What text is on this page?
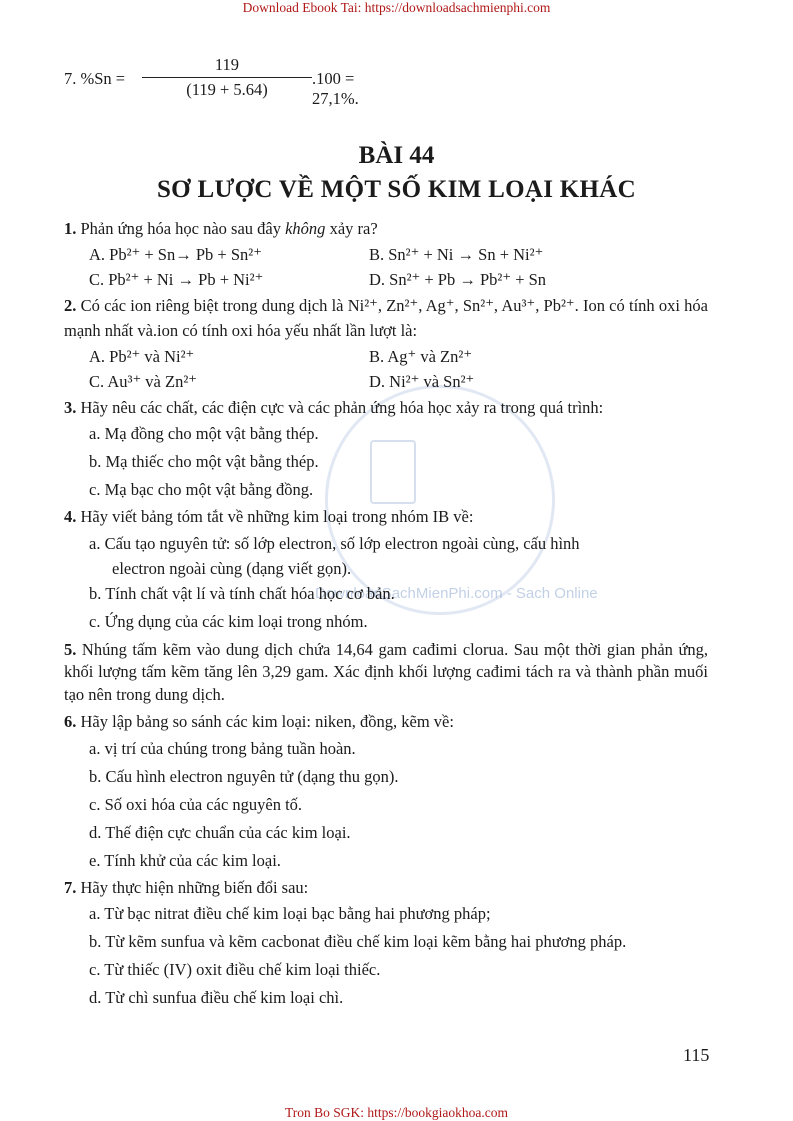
Download Ebook Tai: https://downloadsachmienphi.com
DownloadSachMienPhi.com - Sach Online
7. %Sn =
119
(119 + 5.64)
.100 = 27,1%.
BÀI 44
SƠ LƯỢC VỀ MỘT SỐ KIM LOẠI KHÁC
1. Phản ứng hóa học nào sau đây không xảy ra?
A. Pb²⁺ + Sn→ Pb + Sn²⁺	B. Sn²⁺ + Ni → Sn + Ni²⁺
C. Pb²⁺ + Ni → Pb + Ni²⁺	D. Sn²⁺ + Pb → Pb²⁺ + Sn
2. Có các ion riêng biệt trong dung dịch là Ni²⁺, Zn²⁺, Ag⁺, Sn²⁺, Au³⁺, Pb²⁺. Ion có tính oxi hóa mạnh nhất và.ion có tính oxi hóa yếu nhất lần lượt là:
A. Pb²⁺ và Ni²⁺	B. Ag⁺ và Zn²⁺
C. Au³⁺ và Zn²⁺	D. Ni²⁺ và Sn²⁺
3. Hãy nêu các chất, các điện cực và các phản ứng hóa học xảy ra trong quá trình:
a. Mạ đồng cho một vật bằng thép.
b. Mạ thiếc cho một vật bằng thép.
c. Mạ bạc cho một vật bằng đồng.
4. Hãy viết bảng tóm tắt về những kim loại trong nhóm IB về:
a. Cấu tạo nguyên tử: số lớp electron, số lớp electron ngoài cùng, cấu hình
electron ngoài cùng (dạng viết gọn).
b. Tính chất vật lí và tính chất hóa học cơ bản.
c. Ứng dụng của các kim loại trong nhóm.
5. Nhúng tấm kẽm vào dung dịch chứa 14,64 gam cađimi clorua. Sau một thời gian phản ứng, khối lượng tấm kẽm tăng lên 3,29 gam. Xác định khối lượng cađimi tách ra và thành phần muối tạo nên trong dung dịch.
6. Hãy lập bảng so sánh các kim loại: niken, đồng, kẽm về:
a. vị trí của chúng trong bảng tuần hoàn.
b. Cấu hình electron nguyên tử (dạng thu gọn).
c. Số oxi hóa của các nguyên tố.
d. Thế điện cực chuẩn của các kim loại.
e. Tính khử của các kim loại.
7. Hãy thực hiện những biến đổi sau:
a. Từ bạc nitrat điều chế kim loại bạc bằng hai phương pháp;
b. Từ kẽm sunfua và kẽm cacbonat điều chế kim loại kẽm bằng hai phương pháp.
c. Từ thiếc (IV) oxit điều chế kim loại thiếc.
d. Từ chì sunfua điều chế kim loại chì.
115
Tron Bo SGK: https://bookgiaokhoa.com
